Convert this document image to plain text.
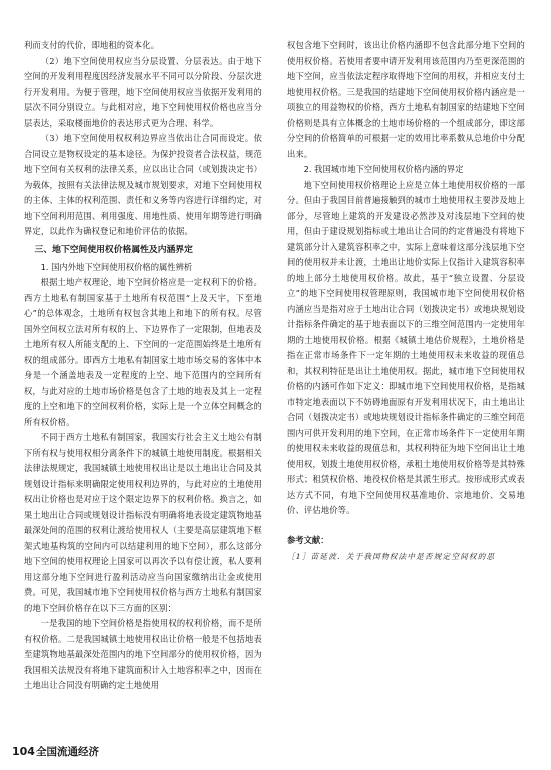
利而支付的代价，即地租的资本化。

（2）地下空间使用权应当分层设置、分层表达。由于地下空间的开发利用程度因经济发展水平不同可以分阶段、分层次进行开发利用。为便于管理，地下空间使用权应当依据开发利用的层次不同分别设立。与此相对应，地下空间使用权价格也应当分层表达，采取楼面地价的表达形式更为合理、科学。

（3）地下空间使用权权利边界应当依出让合同而设定。依合同设立是物权设定的基本途径。为保护投资者合法权益，规范地下空间有关权利的法律关系，应以出让合同（或划拨决定书）为载体，按照有关法律法规及城市规划要求，对地下空间使用权的主体、主体的权利范围、责任和义务等内容进行详细约定，对地下空间利用范围、利用强度、用地性质、使用年期等进行明确界定，以此作为确权登记和地价评估的依据。

三、地下空间使用权价格属性及内涵界定
1. 国内外地下空间使用权价格的属性辨析

根据土地产权理论，地下空间价格应是一定权利下的价格。西方土地私有制国家基于土地所有权范围“上及天宇，下至地心”的总体观念，土地所有权包含其地上和地下的所有权。尽管国外空间权立法对所有权的上、下边界作了一定限制，但地表及土地所有权人所能支配的上、下空间的一定范围始终是土地所有权的组成部分。即西方土地私有制国家土地市场交易的客体中本身是一个涵盖地表及一定程度的上空、地下范围内的空间所有权，与此对应的土地市场价格是包含了土地的地表及其上一定程度的上空和地下的空间权利价格，实际上是一个立体空间概念的所有权价格。

不同于西方土地私有制国家，我国实行社会主义土地公有制下所有权与使用权相分离条件下的城镇土地使用制度。根据相关法律法规规定，我国城镇土地使用权出让是以土地出让合同及其规划设计指标来明确限定使用权利边界的，与此对应的土地使用权出让价格也是对应于这个限定边界下的权利价格。换言之，如果土地出让合同或规划设计指标没有明确将地表设定建筑物地基最深处间的范围的权利让渡给使用权人（主要是高层建筑地下框架式地基构筑的空间内可以结建利用的地下空间），那么这部分地下空间的使用权理论上国家可以再次予以有偿让渡，私人要利用这部分地下空间进行盈利活动应当向国家缴纳出让金或使用费。可见，我国城市地下空间使用权价格与西方土地私有制国家的地下空间价格存在以下三方面的区别：

一是我国的地下空间价格是指使用权的权利价格，而不是所有权价格。二是我国城镇土地使用权出让价格一般是不包括地表至建筑物地基最深处范围内的地下空间部分的使用权价格，因为我国相关法规没有将地下建筑面积计入土地容积率之中，因而在土地出让合同没有明确约定土地使用

权包含地下空间时，该出让价格内涵即不包含此部分地下空间的使用权价格。若使用者要申请开发利用该范围内乃至更深范围的地下空间，应当依法定程序取得地下空间的用权，并相应支付土地使用权价格。三是我国的结建地下空间使用权价格内涵应是一项独立的用益物权的价格，西方土地私有制国家的结建地下空间价格则是具有立体概念的土地市场价格的一个组成部分，即这部分空间的价格简单的可根据一定的效用比率系数从总地价中分配出来。

2. 我国城市地下空间使用权价格内涵的界定

地下空间使用权价格理论上应是立体土地使用权价格的一部分。但由于我国目前普遍接触到的城市土地使用权主要涉及地上部分，尽管地上建筑的开发建设必然涉及对浅层地下空间的使用，但由于建设规划指标或土地出让合同的约定普遍没有将地下建筑部分计入建筑容积率之中，实际上意味着这部分浅层地下空间的使用权并未让渡，土地出让地价实际上仅指计入建筑容积率的地上部分土地使用权价格。故此，基于“独立设置、分层设立”的地下空间使用权管理原则，我国城市地下空间使用权价格内涵应当是指对应于土地出让合同（划拨决定书）或地块规划设计指标条件确定的基于地表面以下的三维空间范围内一定使用年期的土地使用权价格。根据《城镇土地估价规程》，土地价格是指在正常市场条件下一定年期的土地使用权未来收益的现值总和，其权利特征是出让土地使用权。据此，城市地下空间使用权价格的内涵可作如下定义：即城市地下空间使用权价格，是指城市特定地表面以下不妨碍地面原有开发利用状况下，由土地出让合同（划拨决定书）或地块规划设计指标条件确定的三维空间范围内可供开发利用的地下空间，在正常市场条件下一定使用年期的使用权未来收益的现值总和，其权利特征为地下空间出让土地使用权，划拨土地使用权价格，承租土地使用权价格等是其特殊形式；租赁权价格、地役权价格是其派生形式。按形成形式或表达方式不同，有地下空间使用权基准地价、宗地地价、交易地价、评估地价等。

参考文献：

［1］苗延波．关于我国物权法中是否规定空间权的思

104全国流通经济
